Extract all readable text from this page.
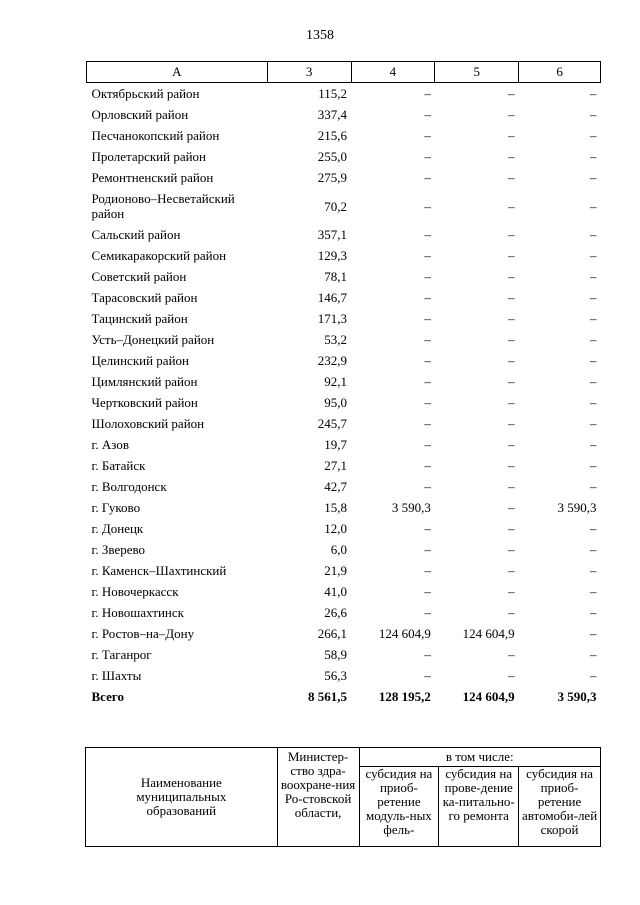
1358
А	3	4	5	6
Октябрьский район	115,2	–	–	–
Орловский район	337,4	–	–	–
Песчанокопский район	215,6	–	–	–
Пролетарский район	255,0	–	–	–
Ремонтненский район	275,9	–	–	–
Родионово–Несветайский район	70,2	–	–	–
Сальский район	357,1	–	–	–
Семикаракорский район	129,3	–	–	–
Советский район	78,1	–	–	–
Тарасовский район	146,7	–	–	–
Тацинский район	171,3	–	–	–
Усть–Донецкий район	53,2	–	–	–
Целинский район	232,9	–	–	–
Цимлянский район	92,1	–	–	–
Чертковский район	95,0	–	–	–
Шолоховский район	245,7	–	–	–
г. Азов	19,7	–	–	–
г. Батайск	27,1	–	–	–
г. Волгодонск	42,7	–	–	–
г. Гуково	15,8	3 590,3	–	3 590,3
г. Донецк	12,0	–	–	–
г. Зверево	6,0	–	–	–
г. Каменск–Шахтинский	21,9	–	–	–
г. Новочеркасск	41,0	–	–	–
г. Новошахтинск	26,6	–	–	–
г. Ростов–на–Дону	266,1	124 604,9	124 604,9	–
г. Таганрог	58,9	–	–	–
г. Шахты	56,3	–	–	–
Всего	8 561,5	128 195,2	124 604,9	3 590,3
Наименование муниципальных образований	Министер-ство здра-воохране-ния Ро-стовской области,	в том числе:		
		субсидия на приоб-ретение модуль-ных фель-	субсидия на прове-дение ка-питально-го ремонта	субсидия на приоб-ретение автомоби-лей скорой
